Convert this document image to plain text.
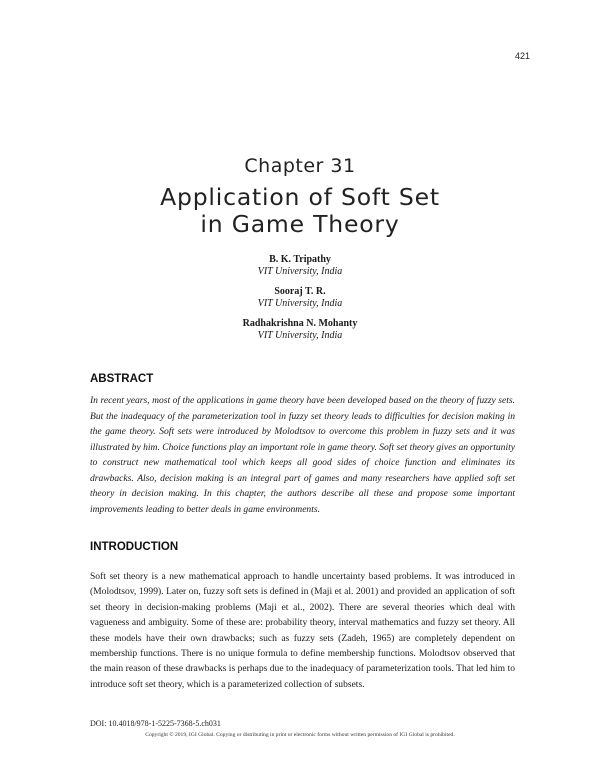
421
Chapter 31
Application of Soft Set
in Game Theory
B. K. Tripathy
VIT University, India
Sooraj T. R.
VIT University, India
Radhakrishna N. Mohanty
VIT University, India
ABSTRACT

In recent years, most of the applications in game theory have been developed based on the theory of fuzzy sets. But the inadequacy of the parameterization tool in fuzzy set theory leads to difficulties for decision making in the game theory. Soft sets were introduced by Molodtsov to overcome this problem in fuzzy sets and it was illustrated by him. Choice functions play an important role in game theory. Soft set theory gives an opportunity to construct new mathematical tool which keeps all good sides of choice function and eliminates its drawbacks. Also, decision making is an integral part of games and many researchers have applied soft set theory in decision making. In this chapter, the authors describe all these and propose some important improvements leading to better deals in game environments.

INTRODUCTION

Soft set theory is a new mathematical approach to handle uncertainty based problems. It was introduced in (Molodtsov, 1999). Later on, fuzzy soft sets is defined in (Maji et al. 2001) and provided an application of soft set theory in decision-making problems (Maji et al., 2002). There are several theories which deal with vagueness and ambiguity. Some of these are: probability theory, interval mathematics and fuzzy set theory. All these models have their own drawbacks; such as fuzzy sets (Zadeh, 1965) are completely dependent on membership functions. There is no unique formula to define membership functions. Molodtsov observed that the main reason of these drawbacks is perhaps due to the inadequacy of parameterization tools. That led him to introduce soft set theory, which is a parameterized collection of subsets.

DOI: 10.4018/978-1-5225-7368-5.ch031
Copyright © 2019, IGI Global. Copying or distributing in print or electronic forms without written permission of IGI Global is prohibited.
